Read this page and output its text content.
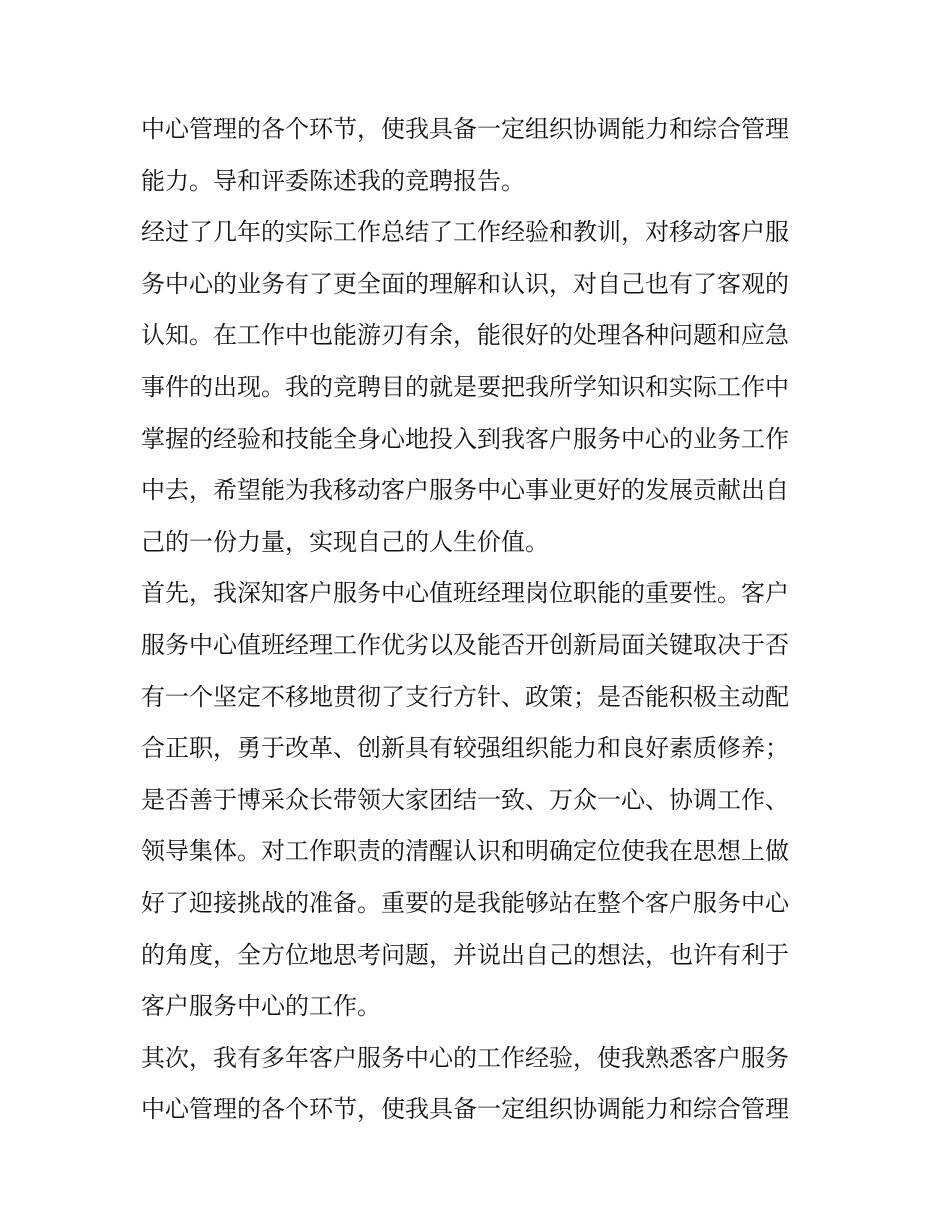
中心管理的各个环节，使我具备一定组织协调能力和综合管理
能力。导和评委陈述我的竞聘报告。
经过了几年的实际工作总结了工作经验和教训，对移动客户服
务中心的业务有了更全面的理解和认识，对自己也有了客观的
认知。在工作中也能游刃有余，能很好的处理各种问题和应急
事件的出现。我的竞聘目的就是要把我所学知识和实际工作中
掌握的经验和技能全身心地投入到我客户服务中心的业务工作
中去，希望能为我移动客户服务中心事业更好的发展贡献出自
己的一份力量，实现自己的人生价值。
首先，我深知客户服务中心值班经理岗位职能的重要性。客户
服务中心值班经理工作优劣以及能否开创新局面关键取决于否
有一个坚定不移地贯彻了支行方针、政策；是否能积极主动配
合正职，勇于改革、创新具有较强组织能力和良好素质修养；
是否善于博采众长带领大家团结一致、万众一心、协调工作、
领导集体。对工作职责的清醒认识和明确定位使我在思想上做
好了迎接挑战的准备。重要的是我能够站在整个客户服务中心
的角度，全方位地思考问题，并说出自己的想法，也许有利于
客户服务中心的工作。
其次，我有多年客户服务中心的工作经验，使我熟悉客户服务
中心管理的各个环节，使我具备一定组织协调能力和综合管理
